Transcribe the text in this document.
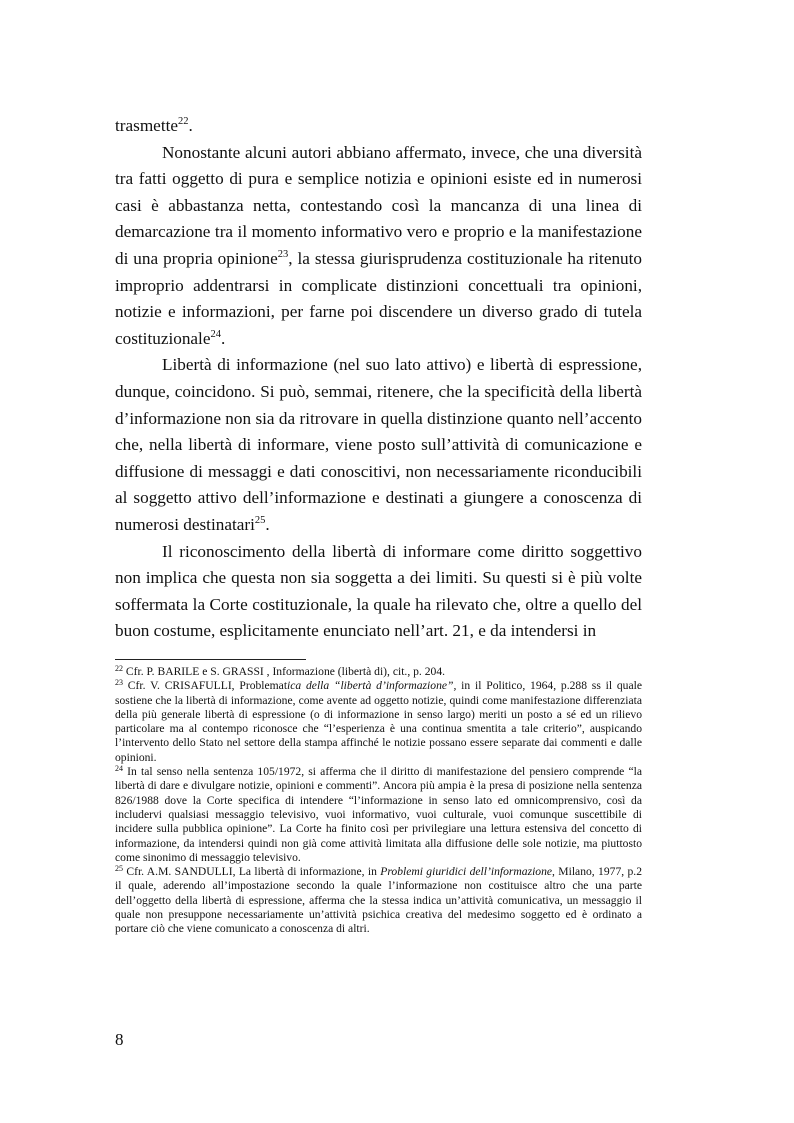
trasmette$^{22}$.

Nonostante alcuni autori abbiano affermato, invece, che una diversità tra fatti oggetto di pura e semplice notizia e opinioni esiste ed in numerosi casi è abbastanza netta, contestando così la mancanza di una linea di demarcazione tra il momento informativo vero e proprio e la manifestazione di una propria opinione$^{23}$, la stessa giurisprudenza costituzionale ha ritenuto improprio addentrarsi in complicate distinzioni concettuali tra opinioni, notizie e informazioni, per farne poi discendere un diverso grado di tutela costituzionale$^{24}$.

Libertà di informazione (nel suo lato attivo) e libertà di espressione, dunque, coincidono. Si può, semmai, ritenere, che la specificità della libertà d’informazione non sia da ritrovare in quella distinzione quanto nell’accento che, nella libertà di informare, viene posto sull’attività di comunicazione e diffusione di messaggi e dati conoscitivi, non necessariamente riconducibili al soggetto attivo dell’informazione e destinati a giungere a conoscenza di numerosi destinatari$^{25}$.

Il riconoscimento della libertà di informare come diritto soggettivo non implica che questa non sia soggetta a dei limiti. Su questi si è più volte soffermata la Corte costituzionale, la quale ha rilevato che, oltre a quello del buon costume, esplicitamente enunciato nell’art. 21, e da intendersi in

$^{22}$ Cfr. P. BARILE e S. GRASSI , Informazione (libertà di), cit., p. 204.

$^{23}$ Cfr. V. CRISAFULLI, Problematica della “libertà d’informazione”, in il Politico, 1964, p.288 ss il quale sostiene che la libertà di informazione, come avente ad oggetto notizie, quindi come manifestazione differenziata della più generale libertà di espressione (o di informazione in senso largo) meriti un posto a sé ed un rilievo particolare ma al contempo riconosce che “l’esperienza è una continua smentita a tale criterio”, auspicando l’intervento dello Stato nel settore della stampa affinché le notizie possano essere separate dai commenti e dalle opinioni.

$^{24}$ In tal senso nella sentenza 105/1972, si afferma che il diritto di manifestazione del pensiero comprende “la libertà di dare e divulgare notizie, opinioni e commenti”. Ancora più ampia è la presa di posizione nella sentenza 826/1988 dove la Corte specifica di intendere “l’informazione in senso lato ed omnicomprensivo, così da includervi qualsiasi messaggio televisivo, vuoi informativo, vuoi culturale, vuoi comunque suscettibile di incidere sulla pubblica opinione”. La Corte ha finito così per privilegiare una lettura estensiva del concetto di informazione, da intendersi quindi non già come attività limitata alla diffusione delle sole notizie, ma piuttosto come sinonimo di messaggio televisivo.

$^{25}$ Cfr. A.M. SANDULLI, La libertà di informazione, in Problemi giuridici dell’informazione, Milano, 1977, p.2 il quale, aderendo all’impostazione secondo la quale l’informazione non costituisce altro che una parte dell’oggetto della libertà di espressione, afferma che la stessa indica un’attività comunicativa, un messaggio il quale non presuppone necessariamente un’attività psichica creativa del medesimo soggetto ed è ordinato a portare ciò che viene comunicato a conoscenza di altri.

8
